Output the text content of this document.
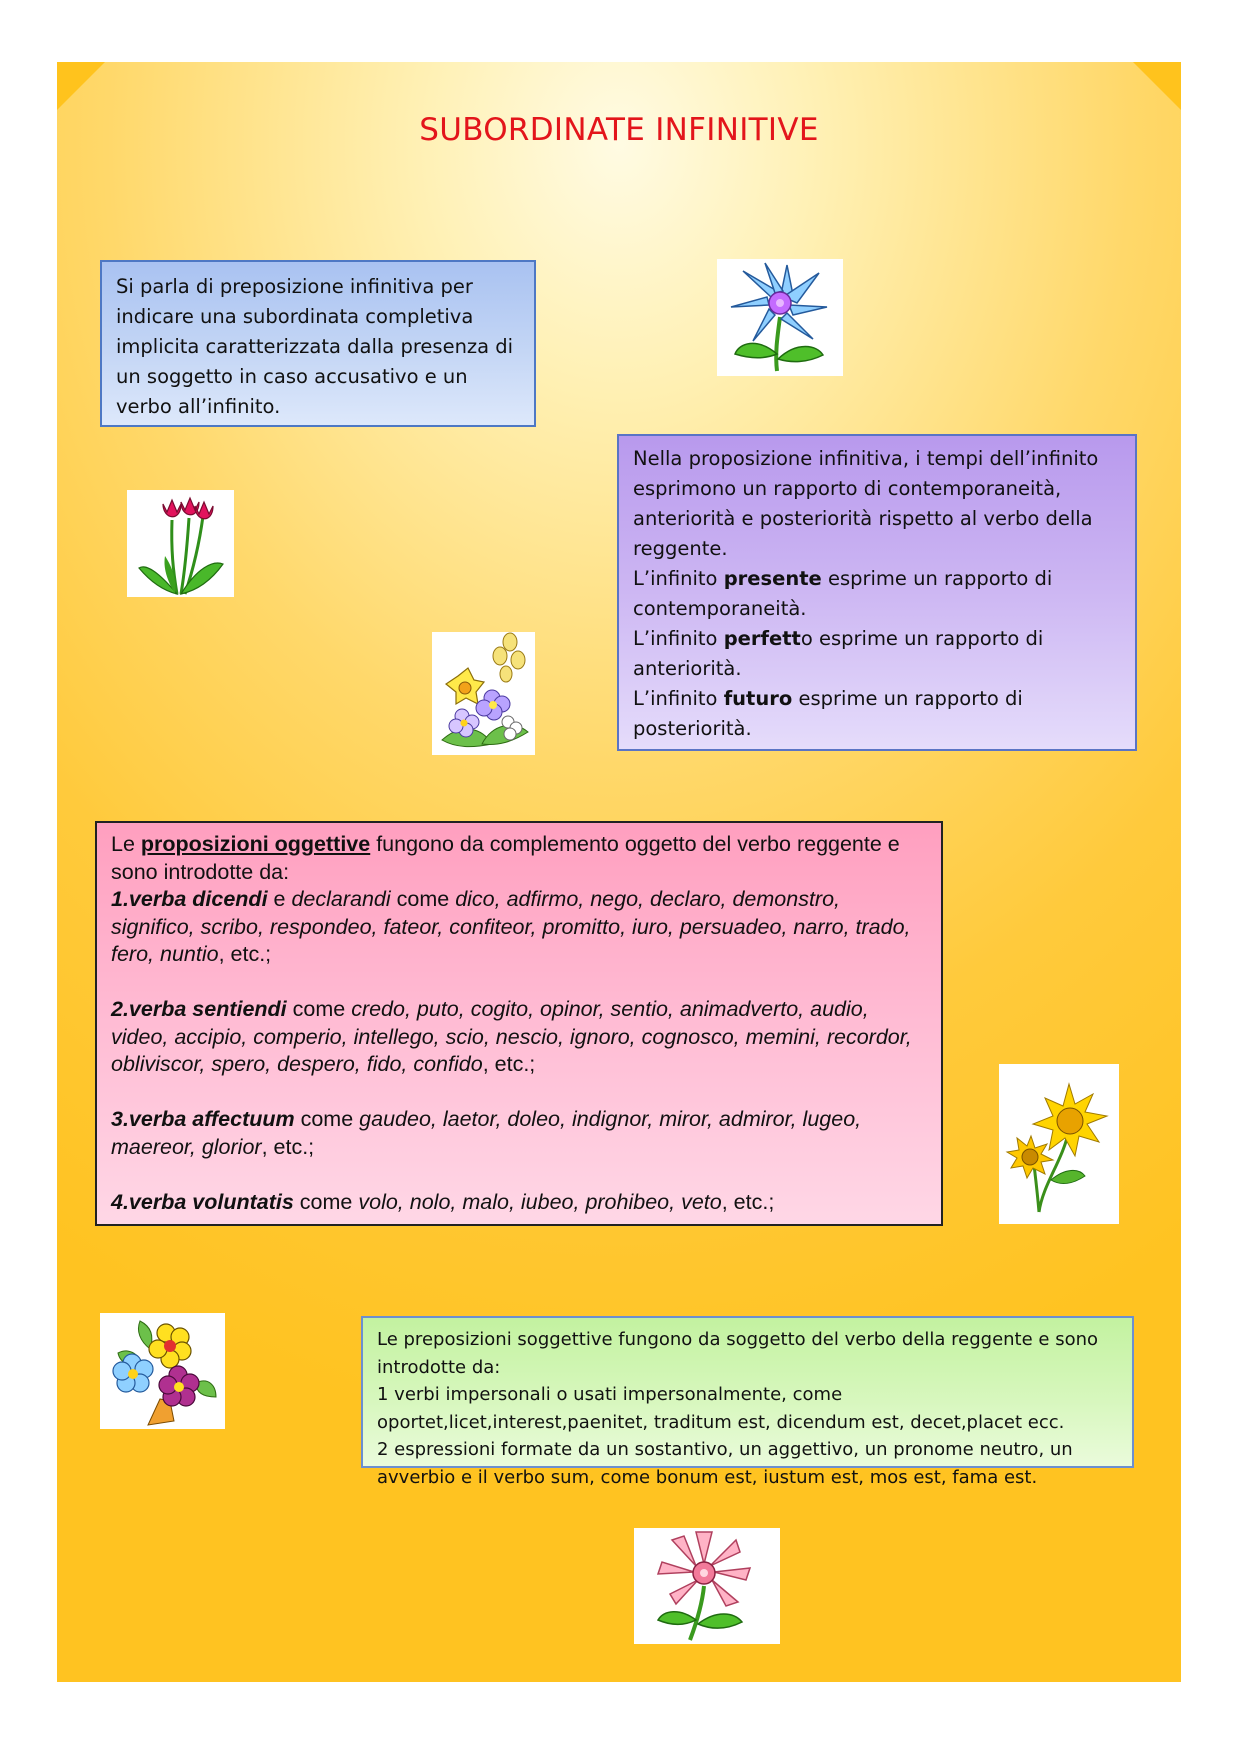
SUBORDINATE INFINITIVE

Si parla di preposizione infinitiva per indicare una subordinata completiva implicita caratterizzata dalla presenza di un soggetto in caso accusativo e un verbo all’infinito.

Nella proposizione infinitiva, i tempi dell’infinito esprimono un rapporto di contemporaneità, anteriorità e posteriorità rispetto al verbo della reggente.

L’infinito presente esprime un rapporto di contemporaneità.

L’infinito perfetto esprime un rapporto di anteriorità.

L’infinito futuro esprime un rapporto di posteriorità.

Le proposizioni oggettive fungono da complemento oggetto del verbo reggente e sono introdotte da:
1.verba dicendi e declarandi come dico, adfirmo, nego, declaro, demonstro, significo, scribo, respondeo, fateor, confiteor, promitto, iuro, persuadeo, narro, trado, fero, nuntio, etc.;

2.verba sentiendi come credo, puto, cogito, opinor, sentio, animadverto, audio, video, accipio, comperio, intellego, scio, nescio, ignoro, cognosco, memini, recordor, obliviscor, spero, despero, fido, confido, etc.;

3.verba affectuum come gaudeo, laetor, doleo, indignor, miror, admiror, lugeo, maereor, glorior, etc.;

4.verba voluntatis come volo, nolo, malo, iubeo, prohibeo, veto, etc.;

Le preposizioni soggettive fungono da soggetto del verbo della reggente e sono introdotte da:

1 verbi impersonali o usati impersonalmente, come oportet,licet,interest,paenitet, traditum est, dicendum est, decet,placet ecc.

2 espressioni formate da un sostantivo, un aggettivo, un pronome neutro, un avverbio e il verbo sum, come bonum est, iustum est, mos est, fama est.
